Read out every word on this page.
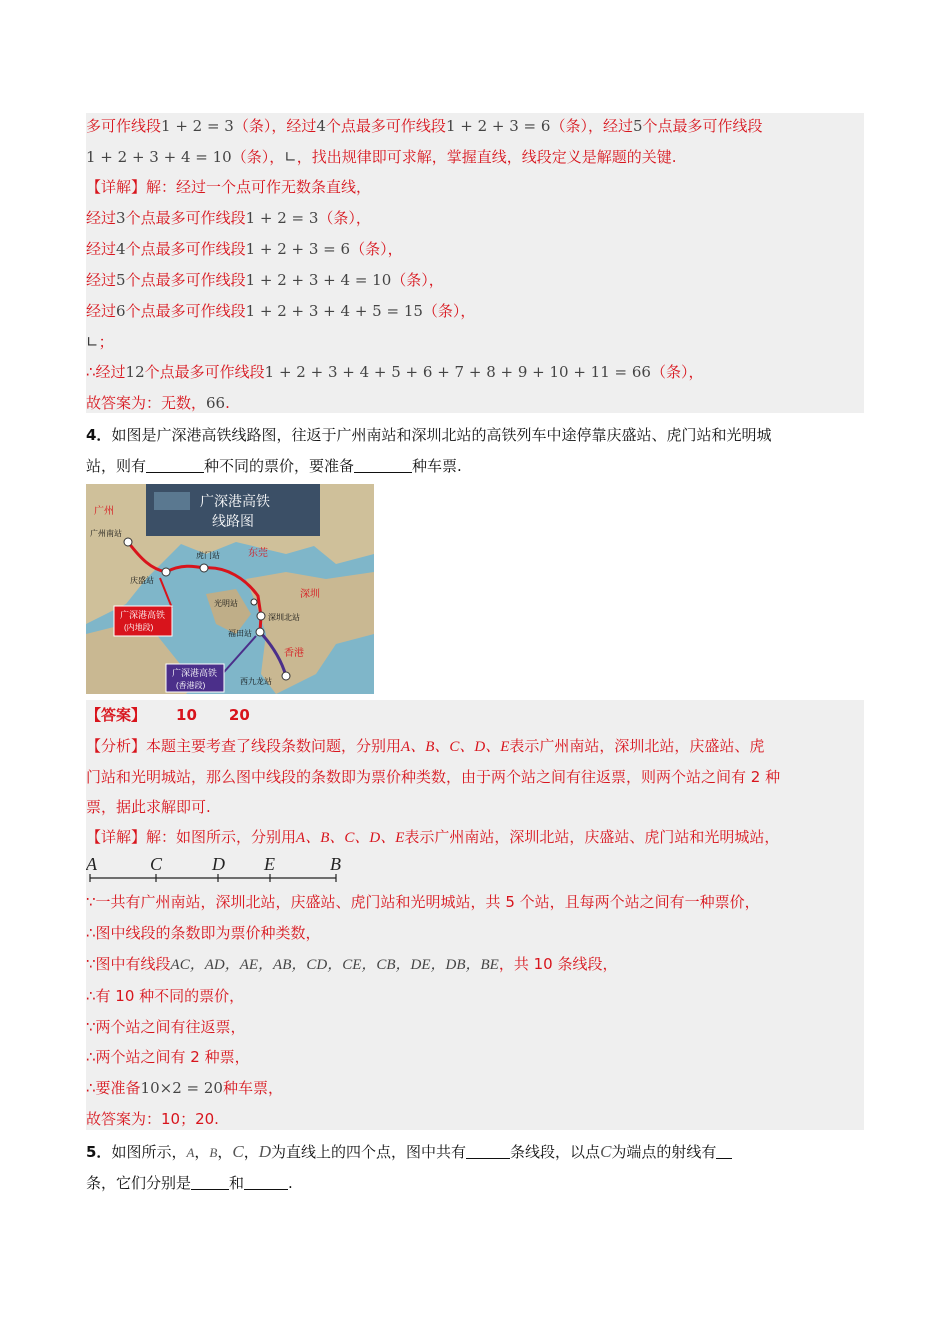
多可作线段1 + 2 = 3（条），经过4个点最多可作线段1 + 2 + 3 = 6（条），经过5个点最多可作线段
1 + 2 + 3 + 4 = 10（条），∟，找出规律即可求解，掌握直线，线段定义是解题的关键.
【详解】解：经过一个点可作无数条直线，
经过3个点最多可作线段1 + 2 = 3（条），
经过4个点最多可作线段1 + 2 + 3 = 6（条），
经过5个点最多可作线段1 + 2 + 3 + 4 = 10（条），
经过6个点最多可作线段1 + 2 + 3 + 4 + 5 = 15（条），
∟；
∴经过12个点最多可作线段1 + 2 + 3 + 4 + 5 + 6 + 7 + 8 + 9 + 10 + 11 = 66（条），
故答案为：无数，66.
4．如图是广深港高铁线路图，往返于广州南站和深圳北站的高铁列车中途停靠庆盛站、虎门站和光明城
站，则有	种不同的票价，要准备	种车票.
广深港高铁
线路图
广州
东莞
深圳
香港
广州南站
虎门站
庆盛站
光明站
深圳北站
福田站
西九龙站
广深港高铁
(内地段)
广深港高铁
(香港段)
【答案】 10 20
【分析】本题主要考查了线段条数问题，分别用A、B、C、D、E表示广州南站，深圳北站，庆盛站、虎
门站和光明城站，那么图中线段的条数即为票价种类数，由于两个站之间有往返票，则两个站之间有 2 种
票，据此求解即可.
【详解】解：如图所示，分别用A、B、C、D、E表示广州南站，深圳北站，庆盛站、虎门站和光明城站，
A	C	D E	B
∵一共有广州南站，深圳北站，庆盛站、虎门站和光明城站，共 5 个站，且每两个站之间有一种票价，
∴图中线段的条数即为票价种类数，
∵图中有线段AC，AD，AE，AB，CD，CE，CB，DE，DB，BE，共 10 条线段，
∴有 10 种不同的票价，
∵两个站之间有往返票，
∴两个站之间有 2 种票，
∴要准备10×2 = 20种车票，
故答案为：10；20.
5．如图所示，A，B，C，D为直线上的四个点，图中共有	条线段，以点C为端点的射线有
条，它们分别是	和	.
